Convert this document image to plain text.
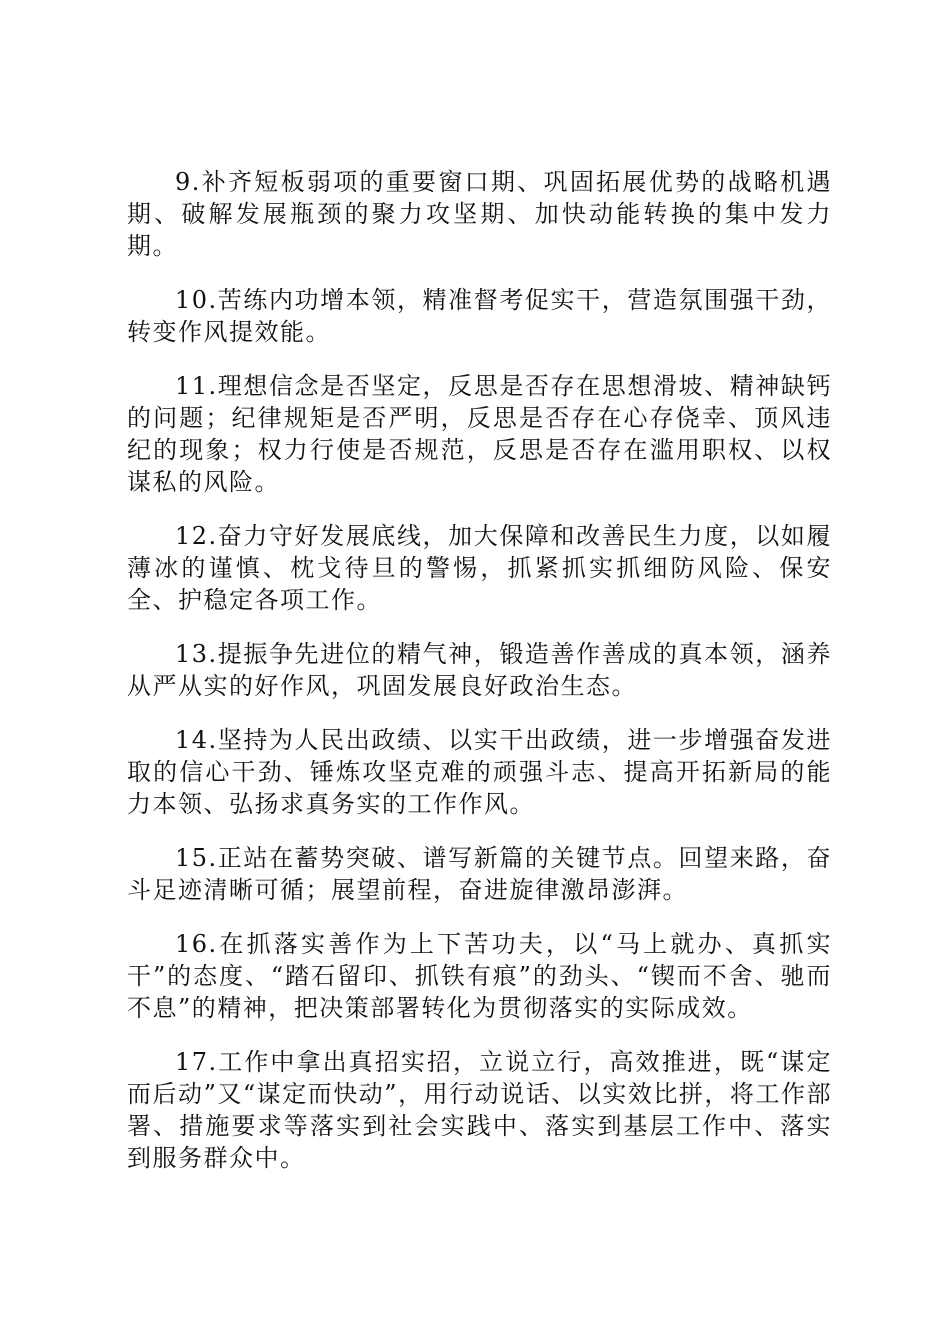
9.补齐短板弱项的重要窗口期、巩固拓展优势的战略机遇期、破解发展瓶颈的聚力攻坚期、加快动能转换的集中发力期。

10.苦练内功增本领，精准督考促实干，营造氛围强干劲，转变作风提效能。

11.理想信念是否坚定，反思是否存在思想滑坡、精神缺钙的问题；纪律规矩是否严明，反思是否存在心存侥幸、顶风违纪的现象；权力行使是否规范，反思是否存在滥用职权、以权谋私的风险。

12.奋力守好发展底线，加大保障和改善民生力度，以如履薄冰的谨慎、枕戈待旦的警惕，抓紧抓实抓细防风险、保安全、护稳定各项工作。

13.提振争先进位的精气神，锻造善作善成的真本领，涵养从严从实的好作风，巩固发展良好政治生态。

14.坚持为人民出政绩、以实干出政绩，进一步增强奋发进取的信心干劲、锤炼攻坚克难的顽强斗志、提高开拓新局的能力本领、弘扬求真务实的工作作风。

15.正站在蓄势突破、谱写新篇的关键节点。回望来路，奋斗足迹清晰可循；展望前程，奋进旋律激昂澎湃。

16.在抓落实善作为上下苦功夫，以“马上就办、真抓实干”的态度、“踏石留印、抓铁有痕”的劲头、“锲而不舍、驰而不息”的精神，把决策部署转化为贯彻落实的实际成效。

17.工作中拿出真招实招，立说立行，高效推进，既“谋定而后动”又“谋定而快动”，用行动说话、以实效比拼，将工作部署、措施要求等落实到社会实践中、落实到基层工作中、落实到服务群众中。
